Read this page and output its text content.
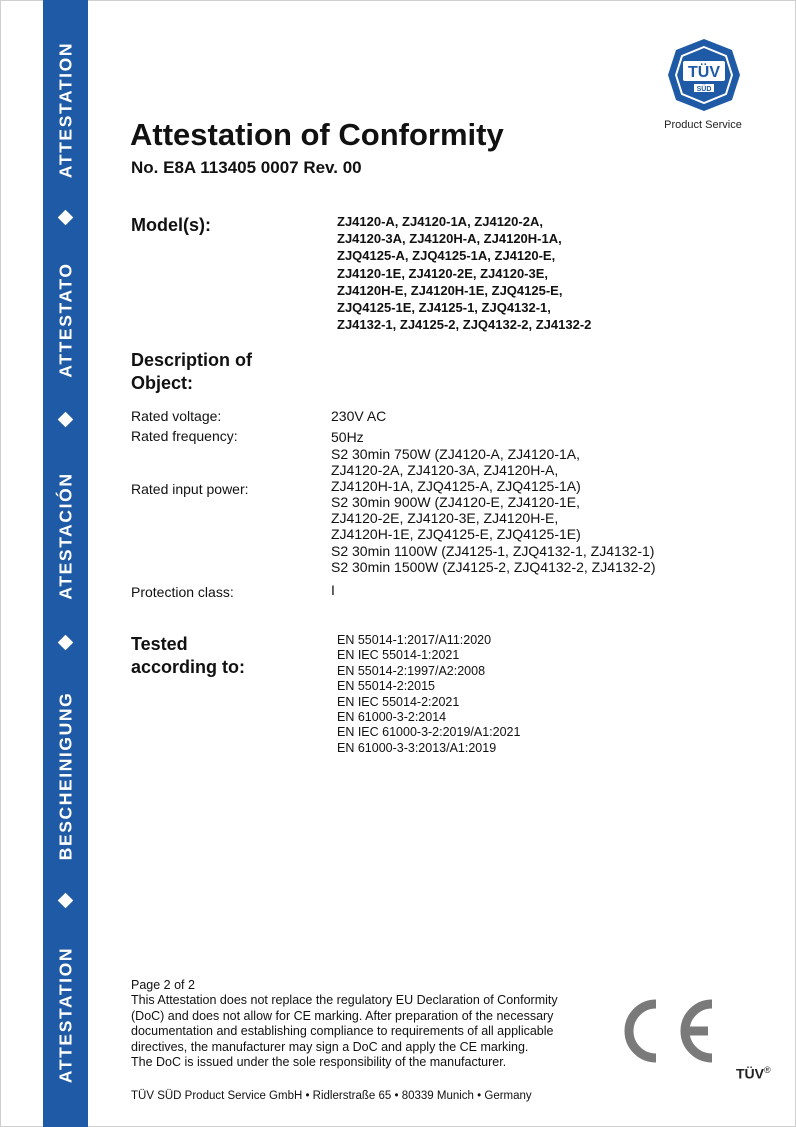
ATTESTATION
ATTESTATO
ATESTACIÓN
BESCHEINIGUNG
ATTESTATION
TÜV
SÜD
Product Service
Attestation of Conformity
No. E8A 113405 0007 Rev. 00
Model(s):	ZJ4120-A, ZJ4120-1A, ZJ4120-2A,
ZJ4120-3A, ZJ4120H-A, ZJ4120H-1A,
ZJQ4125-A, ZJQ4125-1A, ZJ4120-E,
ZJ4120-1E, ZJ4120-2E, ZJ4120-3E,
ZJ4120H-E, ZJ4120H-1E, ZJQ4125-E,
ZJQ4125-1E, ZJ4125-1, ZJQ4132-1,
ZJ4132-1, ZJ4125-2, ZJQ4132-2, ZJ4132-2
Description of
Object:
Rated voltage:	230V AC
Rated frequency:	50Hz
Rated input power:
S2 30min 750W (ZJ4120-A, ZJ4120-1A,
ZJ4120-2A, ZJ4120-3A, ZJ4120H-A,
ZJ4120H-1A, ZJQ4125-A, ZJQ4125-1A)
S2 30min 900W (ZJ4120-E, ZJ4120-1E,
ZJ4120-2E, ZJ4120-3E, ZJ4120H-E,
ZJ4120H-1E, ZJQ4125-E, ZJQ4125-1E)
S2 30min 1100W (ZJ4125-1, ZJQ4132-1, ZJ4132-1)
S2 30min 1500W (ZJ4125-2, ZJQ4132-2, ZJ4132-2)
Protection class:	I
Tested
according to:
EN 55014-1:2017/A11:2020
EN IEC 55014-1:2021
EN 55014-2:1997/A2:2008
EN 55014-2:2015
EN IEC 55014-2:2021
EN 61000-3-2:2014
EN IEC 61000-3-2:2019/A1:2021
EN 61000-3-3:2013/A1:2019
Page 2 of 2
This Attestation does not replace the regulatory EU Declaration of Conformity
(DoC) and does not allow for CE marking. After preparation of the necessary
documentation and establishing compliance to requirements of all applicable
directives, the manufacturer may sign a DoC and apply the CE marking.
The DoC is issued under the sole responsibility of the manufacturer.
TÜV®
TÜV SÜD Product Service GmbH • Ridlerstraße 65 • 80339 Munich • Germany
